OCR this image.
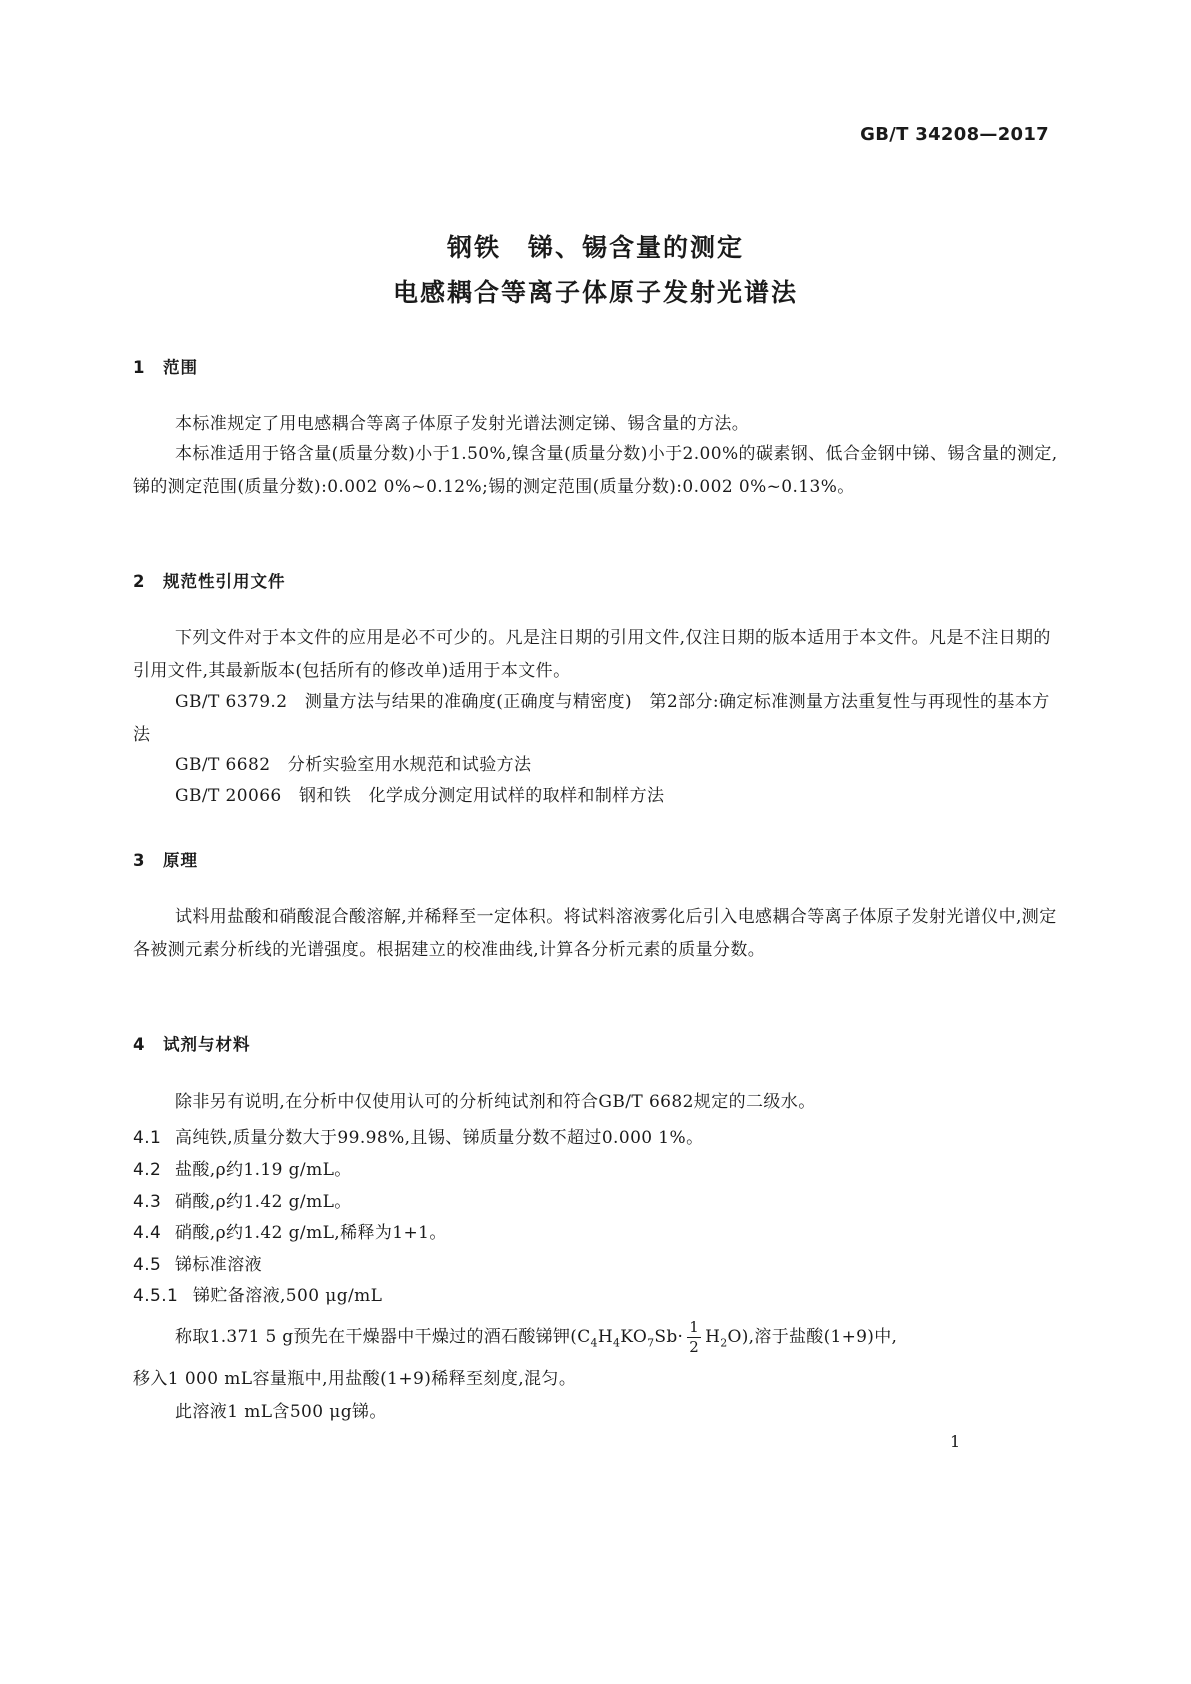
GB/T 34208—2017
钢铁　锑、锡含量的测定
电感耦合等离子体原子发射光谱法
1 范围
本标准规定了用电感耦合等离子体原子发射光谱法测定锑、锡含量的方法。
本标准适用于铬含量(质量分数)小于1.50%,镍含量(质量分数)小于2.00%的碳素钢、低合金钢中锑、锡含量的测定,锑的测定范围(质量分数):0.002 0%~0.12%;锡的测定范围(质量分数):0.002 0%~0.13%。
2 规范性引用文件
下列文件对于本文件的应用是必不可少的。凡是注日期的引用文件,仅注日期的版本适用于本文件。凡是不注日期的引用文件,其最新版本(包括所有的修改单)适用于本文件。
GB/T 6379.2　测量方法与结果的准确度(正确度与精密度)　第2部分:确定标准测量方法重复性与再现性的基本方法
GB/T 6682　分析实验室用水规范和试验方法
GB/T 20066　钢和铁　化学成分测定用试样的取样和制样方法
3 原理
试料用盐酸和硝酸混合酸溶解,并稀释至一定体积。将试料溶液雾化后引入电感耦合等离子体原子发射光谱仪中,测定各被测元素分析线的光谱强度。根据建立的校准曲线,计算各分析元素的质量分数。
4 试剂与材料
除非另有说明,在分析中仅使用认可的分析纯试剂和符合GB/T 6682规定的二级水。
4.1 高纯铁,质量分数大于99.98%,且锡、锑质量分数不超过0.000 1%。
4.2 盐酸,ρ约1.19 g/mL。
4.3 硝酸,ρ约1.42 g/mL。
4.4 硝酸,ρ约1.42 g/mL,稀释为1+1。
4.5 锑标准溶液
4.5.1 锑贮备溶液,500 μg/mL
称取1.371 5 g预先在干燥器中干燥过的酒石酸锑钾$(C_4H_4KO_7Sb\cdot \frac{1}{2} H_2O)$,溶于盐酸(1+9)中,
移入1 000 mL容量瓶中,用盐酸(1+9)稀释至刻度,混匀。
此溶液1 mL含500 μg锑。
1
